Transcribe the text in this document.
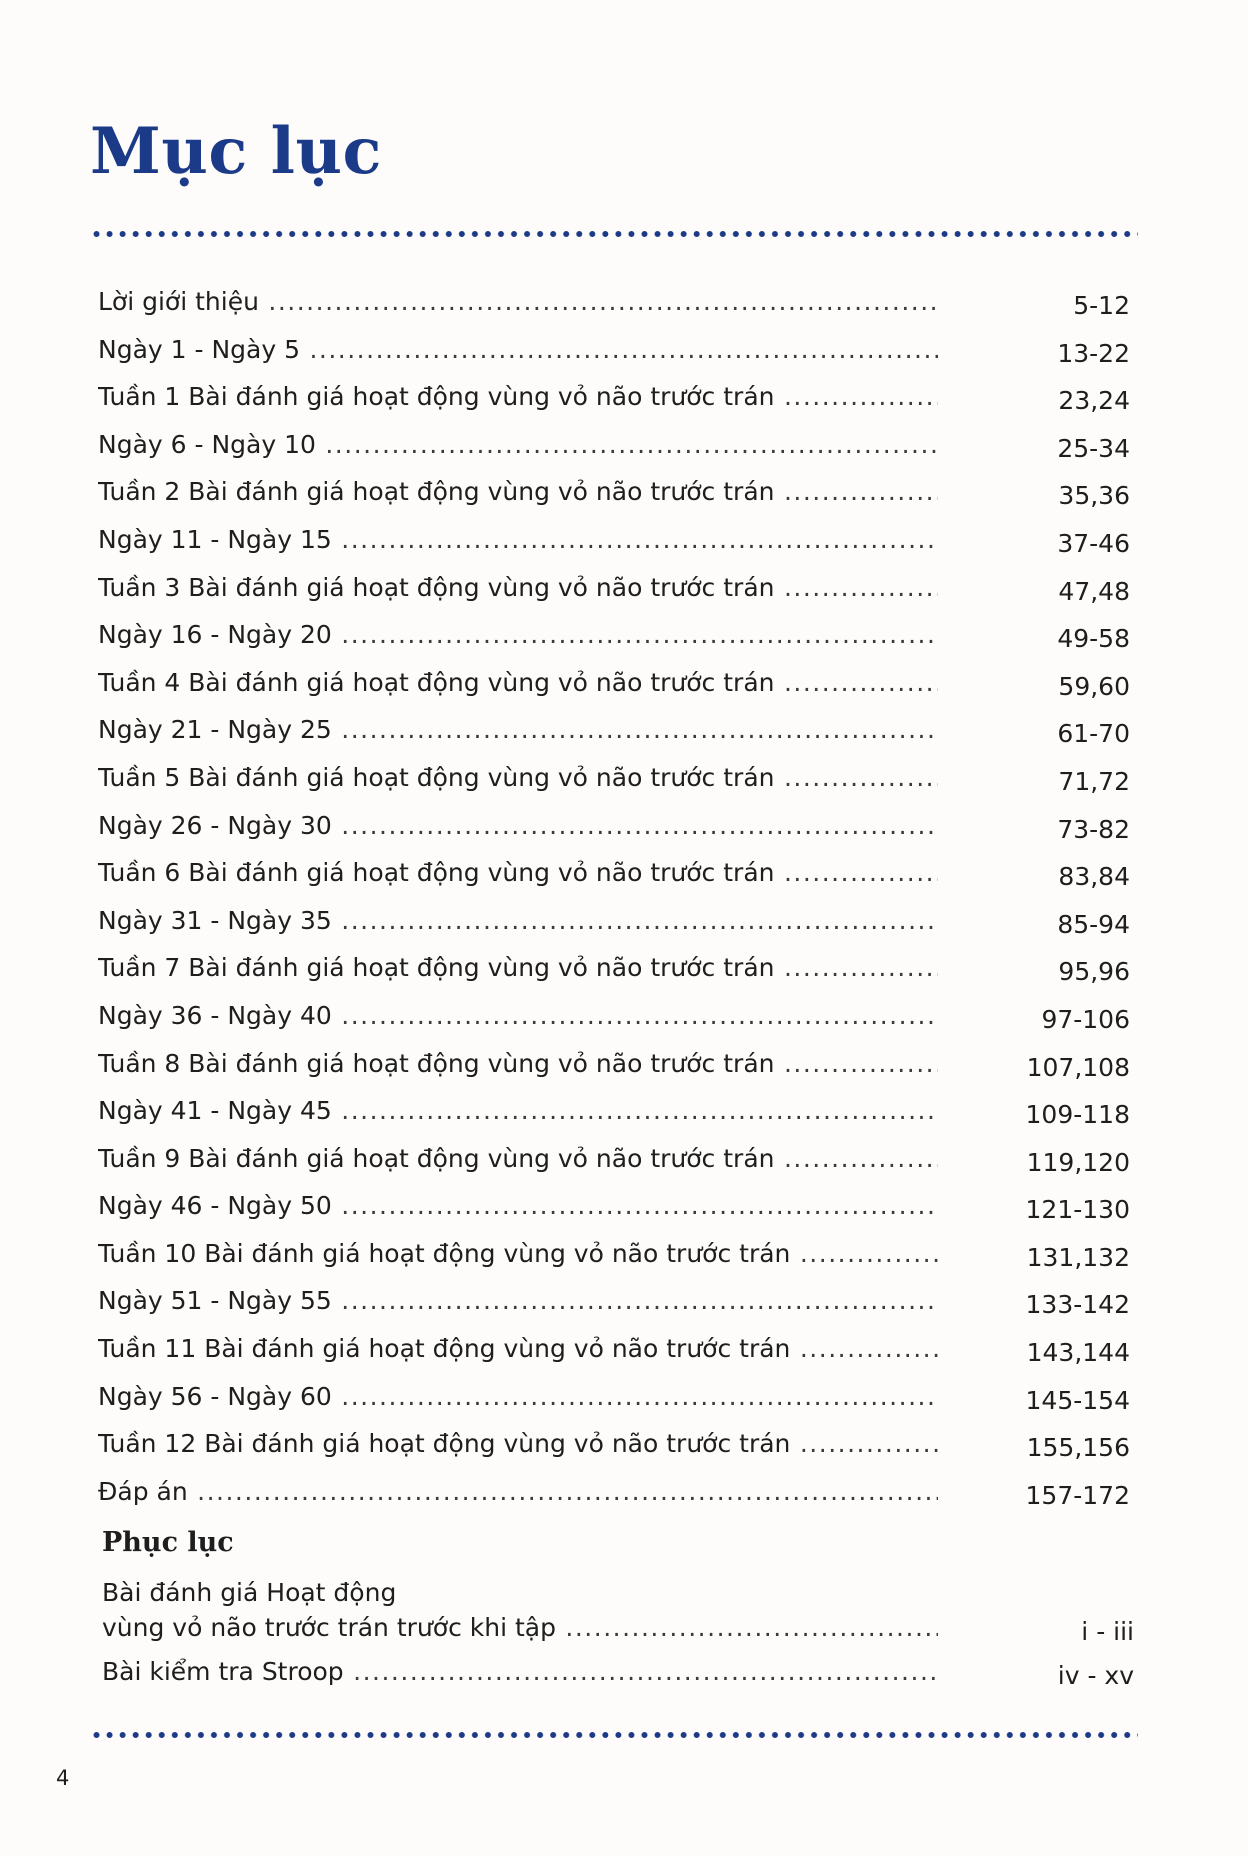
Mục lục
Lời giới thiệu .....	5-12
Ngày 1 - Ngày 5 .....	13-22
Tuần 1 Bài đánh giá hoạt động vùng vỏ não trước trán .....	23,24
Ngày 6 - Ngày 10 .....	25-34
Tuần 2 Bài đánh giá hoạt động vùng vỏ não trước trán .....	35,36
Ngày 11 - Ngày 15 .....	37-46
Tuần 3 Bài đánh giá hoạt động vùng vỏ não trước trán .....	47,48
Ngày 16 - Ngày 20 .....	49-58
Tuần 4 Bài đánh giá hoạt động vùng vỏ não trước trán .....	59,60
Ngày 21 - Ngày 25 .....	61-70
Tuần 5 Bài đánh giá hoạt động vùng vỏ não trước trán .....	71,72
Ngày 26 - Ngày 30 .....	73-82
Tuần 6 Bài đánh giá hoạt động vùng vỏ não trước trán .....	83,84
Ngày 31 - Ngày 35 .....	85-94
Tuần 7 Bài đánh giá hoạt động vùng vỏ não trước trán .....	95,96
Ngày 36 - Ngày 40 .....	97-106
Tuần 8 Bài đánh giá hoạt động vùng vỏ não trước trán .....	107,108
Ngày 41 - Ngày 45 .....	109-118
Tuần 9 Bài đánh giá hoạt động vùng vỏ não trước trán .....	119,120
Ngày 46 - Ngày 50 .....	121-130
Tuần 10 Bài đánh giá hoạt động vùng vỏ não trước trán .....	131,132
Ngày 51 - Ngày 55 .....	133-142
Tuần 11 Bài đánh giá hoạt động vùng vỏ não trước trán .....	143,144
Ngày 56 - Ngày 60 .....	145-154
Tuần 12 Bài đánh giá hoạt động vùng vỏ não trước trán .....	155,156
Đáp án .....	157-172
Phục lục
Bài đánh giá Hoạt động
vùng vỏ não trước trán trước khi tập .....	i - iii
Bài kiểm tra Stroop .....	iv - xv
4
